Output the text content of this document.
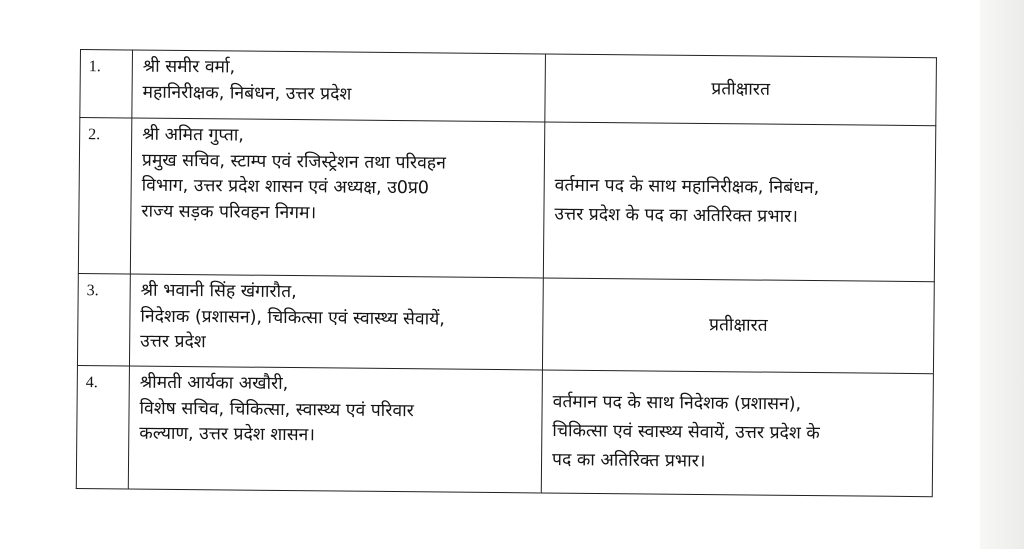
1. श्री समीर वर्मा,
महानिरीक्षक, निबंधन, उत्तर प्रदेश	प्रतीक्षारत
2. श्री अमित गुप्ता,
प्रमुख सचिव, स्टाम्प एवं रजिस्ट्रेशन तथा परिवहन
विभाग, उत्तर प्रदेश शासन एवं अध्यक्ष, उ0प्र0
राज्य सड़क परिवहन निगम।
वर्तमान पद के साथ महानिरीक्षक, निबंधन,
उत्तर प्रदेश के पद का अतिरिक्त प्रभार।
3. श्री भवानी सिंह खंगारौत,
निदेशक (प्रशासन), चिकित्सा एवं स्वास्थ्य सेवायें,
उत्तर प्रदेश
प्रतीक्षारत
4. श्रीमती आर्यका अखौरी,
विशेष सचिव, चिकित्सा, स्वास्थ्य एवं परिवार
कल्याण, उत्तर प्रदेश शासन।
वर्तमान पद के साथ निदेशक (प्रशासन),
चिकित्सा एवं स्वास्थ्य सेवायें, उत्तर प्रदेश के
पद का अतिरिक्त प्रभार।
